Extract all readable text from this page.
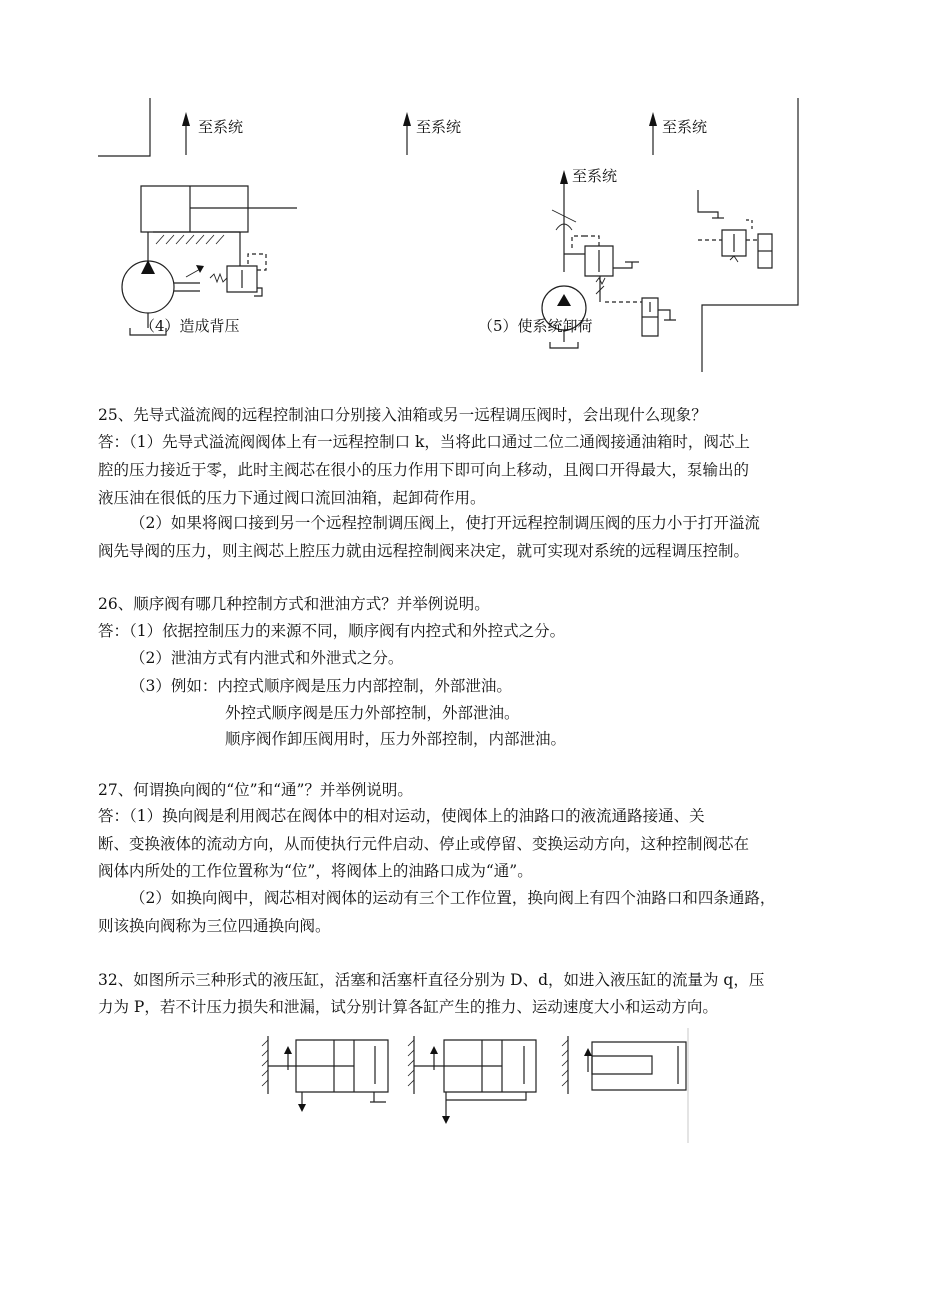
至系统	至系统	至系统
至系统
（4）造成背压	（5）使系统卸荷
25、先导式溢流阀的远程控制油口分别接入油箱或另一远程调压阀时，会出现什么现象？
答：（1）先导式溢流阀阀体上有一远程控制口 k，当将此口通过二位二通阀接通油箱时，阀芯上
腔的压力接近于零，此时主阀芯在很小的压力作用下即可向上移动，且阀口开得最大，泵输出的
液压油在很低的压力下通过阀口流回油箱，起卸荷作用。
（2）如果将阀口接到另一个远程控制调压阀上，使打开远程控制调压阀的压力小于打开溢流
阀先导阀的压力，则主阀芯上腔压力就由远程控制阀来决定，就可实现对系统的远程调压控制。
26、顺序阀有哪几种控制方式和泄油方式？并举例说明。
答：（1）依据控制压力的来源不同，顺序阀有内控式和外控式之分。
（2）泄油方式有内泄式和外泄式之分。
（3）例如：内控式顺序阀是压力内部控制，外部泄油。
外控式顺序阀是压力外部控制，外部泄油。
顺序阀作卸压阀用时，压力外部控制，内部泄油。
27、何谓换向阀的“位”和“通”？并举例说明。
答：（1）换向阀是利用阀芯在阀体中的相对运动，使阀体上的油路口的液流通路接通、关
断、变换液体的流动方向，从而使执行元件启动、停止或停留、变换运动方向，这种控制阀芯在
阀体内所处的工作位置称为“位”，将阀体上的油路口成为“通”。
（2）如换向阀中，阀芯相对阀体的运动有三个工作位置，换向阀上有四个油路口和四条通路，
则该换向阀称为三位四通换向阀。
32、如图所示三种形式的液压缸，活塞和活塞杆直径分别为 D、d，如进入液压缸的流量为 q，压
力为 P，若不计压力损失和泄漏，试分别计算各缸产生的推力、运动速度大小和运动方向。
